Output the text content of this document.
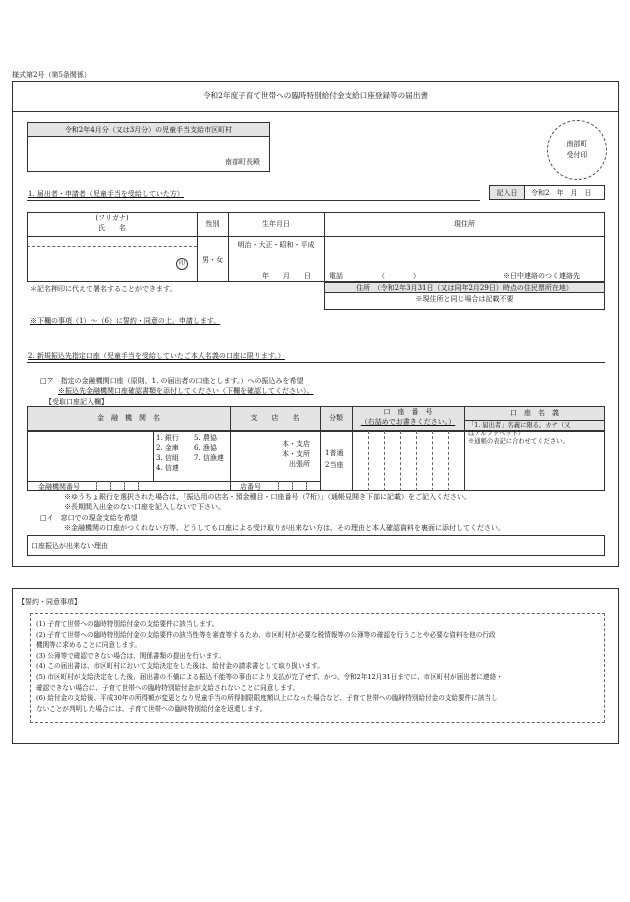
様式第2号（第5条関係）
令和2年度子育て世帯への臨時特別給付金支給口座登録等の届出書
令和2年4月分（又は3月分）の児童手当支給市区町村
南部町長殿
南部町
受付印
1. 届出者・申請者（児童手当を受給していた方）	記入日	令和2　年　月　日
(フリガナ)
氏　　名
印
性別
男・女
生年月日
明治・大正・昭和・平成
年　　月　　日
現住所
電話	（　　　　）	※日中連絡のつく連絡先
＊記名押印に代えて署名することができます。	住所　（令和2年3月31日（又は同年2月29日）時点の住民票所在地）
※現住所と同じ場合は記載不要
※下欄の事項（1）～（6）に誓約・同意の上、申請します。
2. 新規振込先指定口座（児童手当を受給していたご本人名義の口座に限ります。）
□ア　指定の金融機関口座（原則、1. の届出者の口座とします。）への振込みを希望
※振込先金融機関口座確認書類を添付してください（下欄を確認してください）。
【受取口座記入欄】
金　融　機　関　名
1. 銀行
2. 金庫
3. 信組
4. 信連
5. 農協
6. 漁協
7. 信漁連
支　　店　　名
本・支店
本・支所
出張所
分類
1普通
2当座
口　座　番　号
（右詰めでお書きください。）
口　座　名　義
「1. 届出者」名義に限る。カナ（又
はアルファベット）
※通帳の表記に合わせてください。
金融機関番号	店番号
※ゆうちょ銀行を選択された場合は、「振込用の店名・預金種目・口座番号（7桁）」（通帳見開き下部に記載）をご記入ください。
※長期間入出金のない口座を記入しないで下さい。
□イ　窓口での現金支給を希望
※金融機関の口座がつくれない方等、どうしても口座による受け取りが出来ない方は、その理由と本人確認資料を裏面に添付してください。
口座振込が出来ない理由
【誓約・同意事項】
(1) 子育て世帯への臨時特別給付金の支給要件に該当します。
(2) 子育て世帯への臨時特別給付金の支給要件の該当性等を審査等するため、市区町村が必要な税情報等の公簿等の確認を行うことや必要な資料を他の行政
機関等に求めることに同意します。
(3) 公簿等で確認できない場合は、関係書類の提出を行います。
(4) この届出書は、市区町村において支給決定をした後は、給付金の請求書として取り扱います。
(5) 市区町村が支給決定をした後、届出書の不備による振込不能等の事由により支払が完了せず、かつ、令和2年12月31日までに、市区町村が届出者に連絡・
確認できない場合に、子育て世帯への臨時特別給付金が支給されないことに同意します。
(6) 給付金の支給後、平成30年の所得額が変更となり児童手当の所得制限限度額以上になった場合など、子育て世帯への臨時特別給付金の支給要件に該当し
ないことが判明した場合には、子育て世帯への臨時特別給付金を返還します。
